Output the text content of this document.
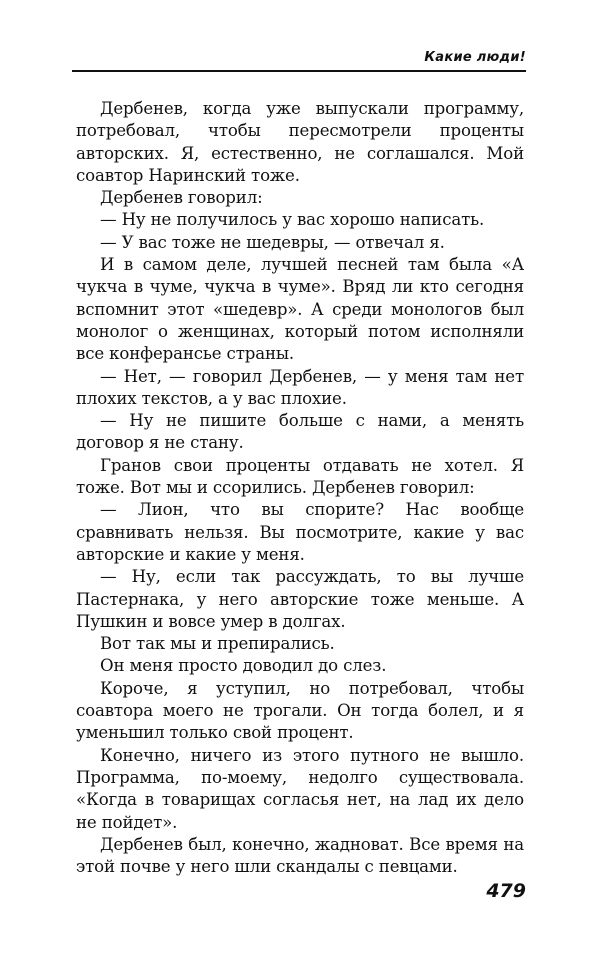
Какие люди!

Дербенев, когда уже выпускали программу, потребовал, чтобы пересмотрели проценты авторских. Я, естественно, не соглашался. Мой соавтор Наринский тоже.

Дербенев говорил:

— Ну не получилось у вас хорошо написать.

— У вас тоже не шедевры, — отвечал я.

И в самом деле, лучшей песней там была «А чукча в чуме, чукча в чуме». Вряд ли кто сегодня вспомнит этот «шедевр». А среди монологов был монолог о женщинах, который потом исполняли все конферансье страны.

— Нет, — говорил Дербенев, — у меня там нет плохих текстов, а у вас плохие.

— Ну не пишите больше с нами, а менять договор я не стану.

Гранов свои проценты отдавать не хотел. Я тоже. Вот мы и ссорились. Дербенев говорил:

— Лион, что вы спорите? Нас вообще сравнивать нельзя. Вы посмотрите, какие у вас авторские и какие у меня.

— Ну, если так рассуждать, то вы лучше Пастернака, у него авторские тоже меньше. А Пушкин и вовсе умер в долгах.

Вот так мы и препирались.

Он меня просто доводил до слез.

Короче, я уступил, но потребовал, чтобы соавтора моего не трогали. Он тогда болел, и я уменьшил только свой процент.

Конечно, ничего из этого путного не вышло. Программа, по-моему, недолго существовала. «Когда в товарищах согласья нет, на лад их дело не пойдет».

Дербенев был, конечно, жадноват. Все время на этой почве у него шли скандалы с певцами.

479
